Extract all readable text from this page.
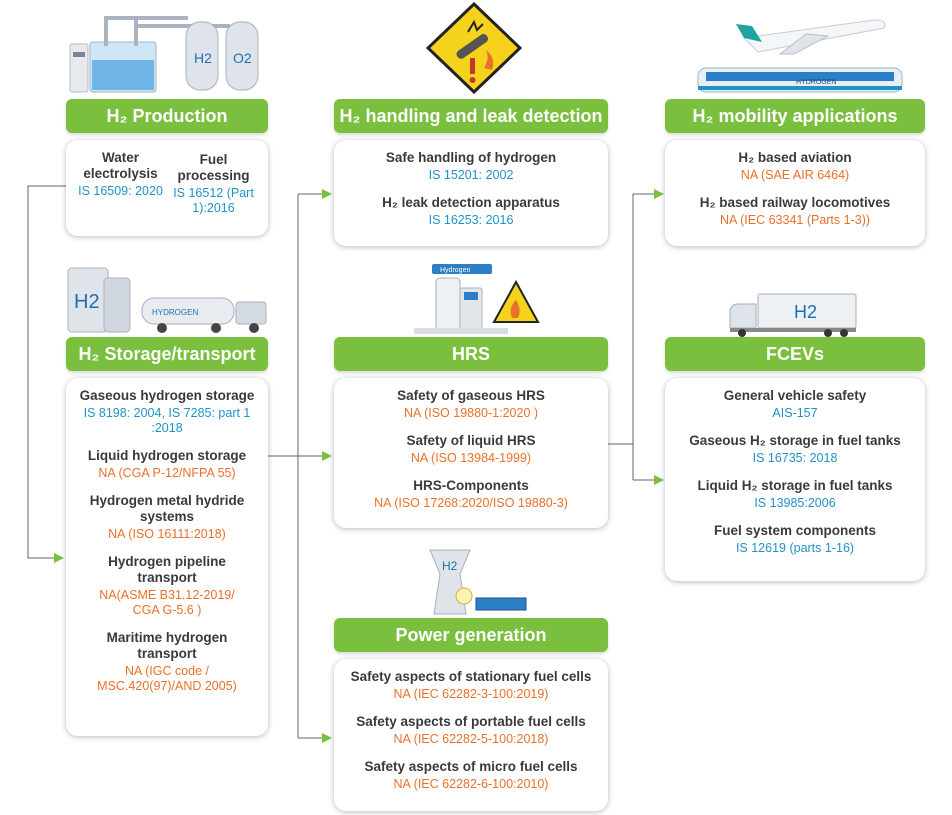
H2 O2
HYDROGEN
H2	HYDROGEN
Hydrogen
H2
H2
H₂ Production	H₂ handling and leak detection	H₂ mobility applications
H₂ Storage/transport	HRS	FCEVs
Power generation
Water electrolysis
IS 16509: 2020
Fuel processing
IS 16512 (Part 1):2016
Safe handling of hydrogen
IS 15201: 2002
H₂ leak detection apparatus
IS 16253: 2016
H₂ based aviation
NA (SAE AIR 6464)
H₂ based railway locomotives
NA (IEC 63341 (Parts 1-3))
Gaseous hydrogen storage
IS 8198: 2004, IS 7285: part 1 :2018
Liquid hydrogen storage
NA (CGA P-12/NFPA 55)
Hydrogen metal hydride systems
NA (ISO 16111:2018)
Hydrogen pipeline transport
NA(ASME B31.12-2019/ CGA G-5.6 )
Maritime hydrogen transport
NA (IGC code / MSC.420(97)/AND 2005)
Safety of gaseous HRS
NA (ISO 19880-1:2020 )
Safety of liquid HRS
NA (ISO 13984-1999)
HRS-Components
NA (ISO 17268:2020/ISO 19880-3)
General vehicle safety
AIS-157
Gaseous H₂ storage in fuel tanks
IS 16735: 2018
Liquid H₂ storage in fuel tanks
IS 13985:2006
Fuel system components
IS 12619 (parts 1-16)
Safety aspects of stationary fuel cells
NA (IEC 62282-3-100:2019)
Safety aspects of portable fuel cells
NA (IEC 62282-5-100:2018)
Safety aspects of micro fuel cells
NA (IEC 62282-6-100:2010)
